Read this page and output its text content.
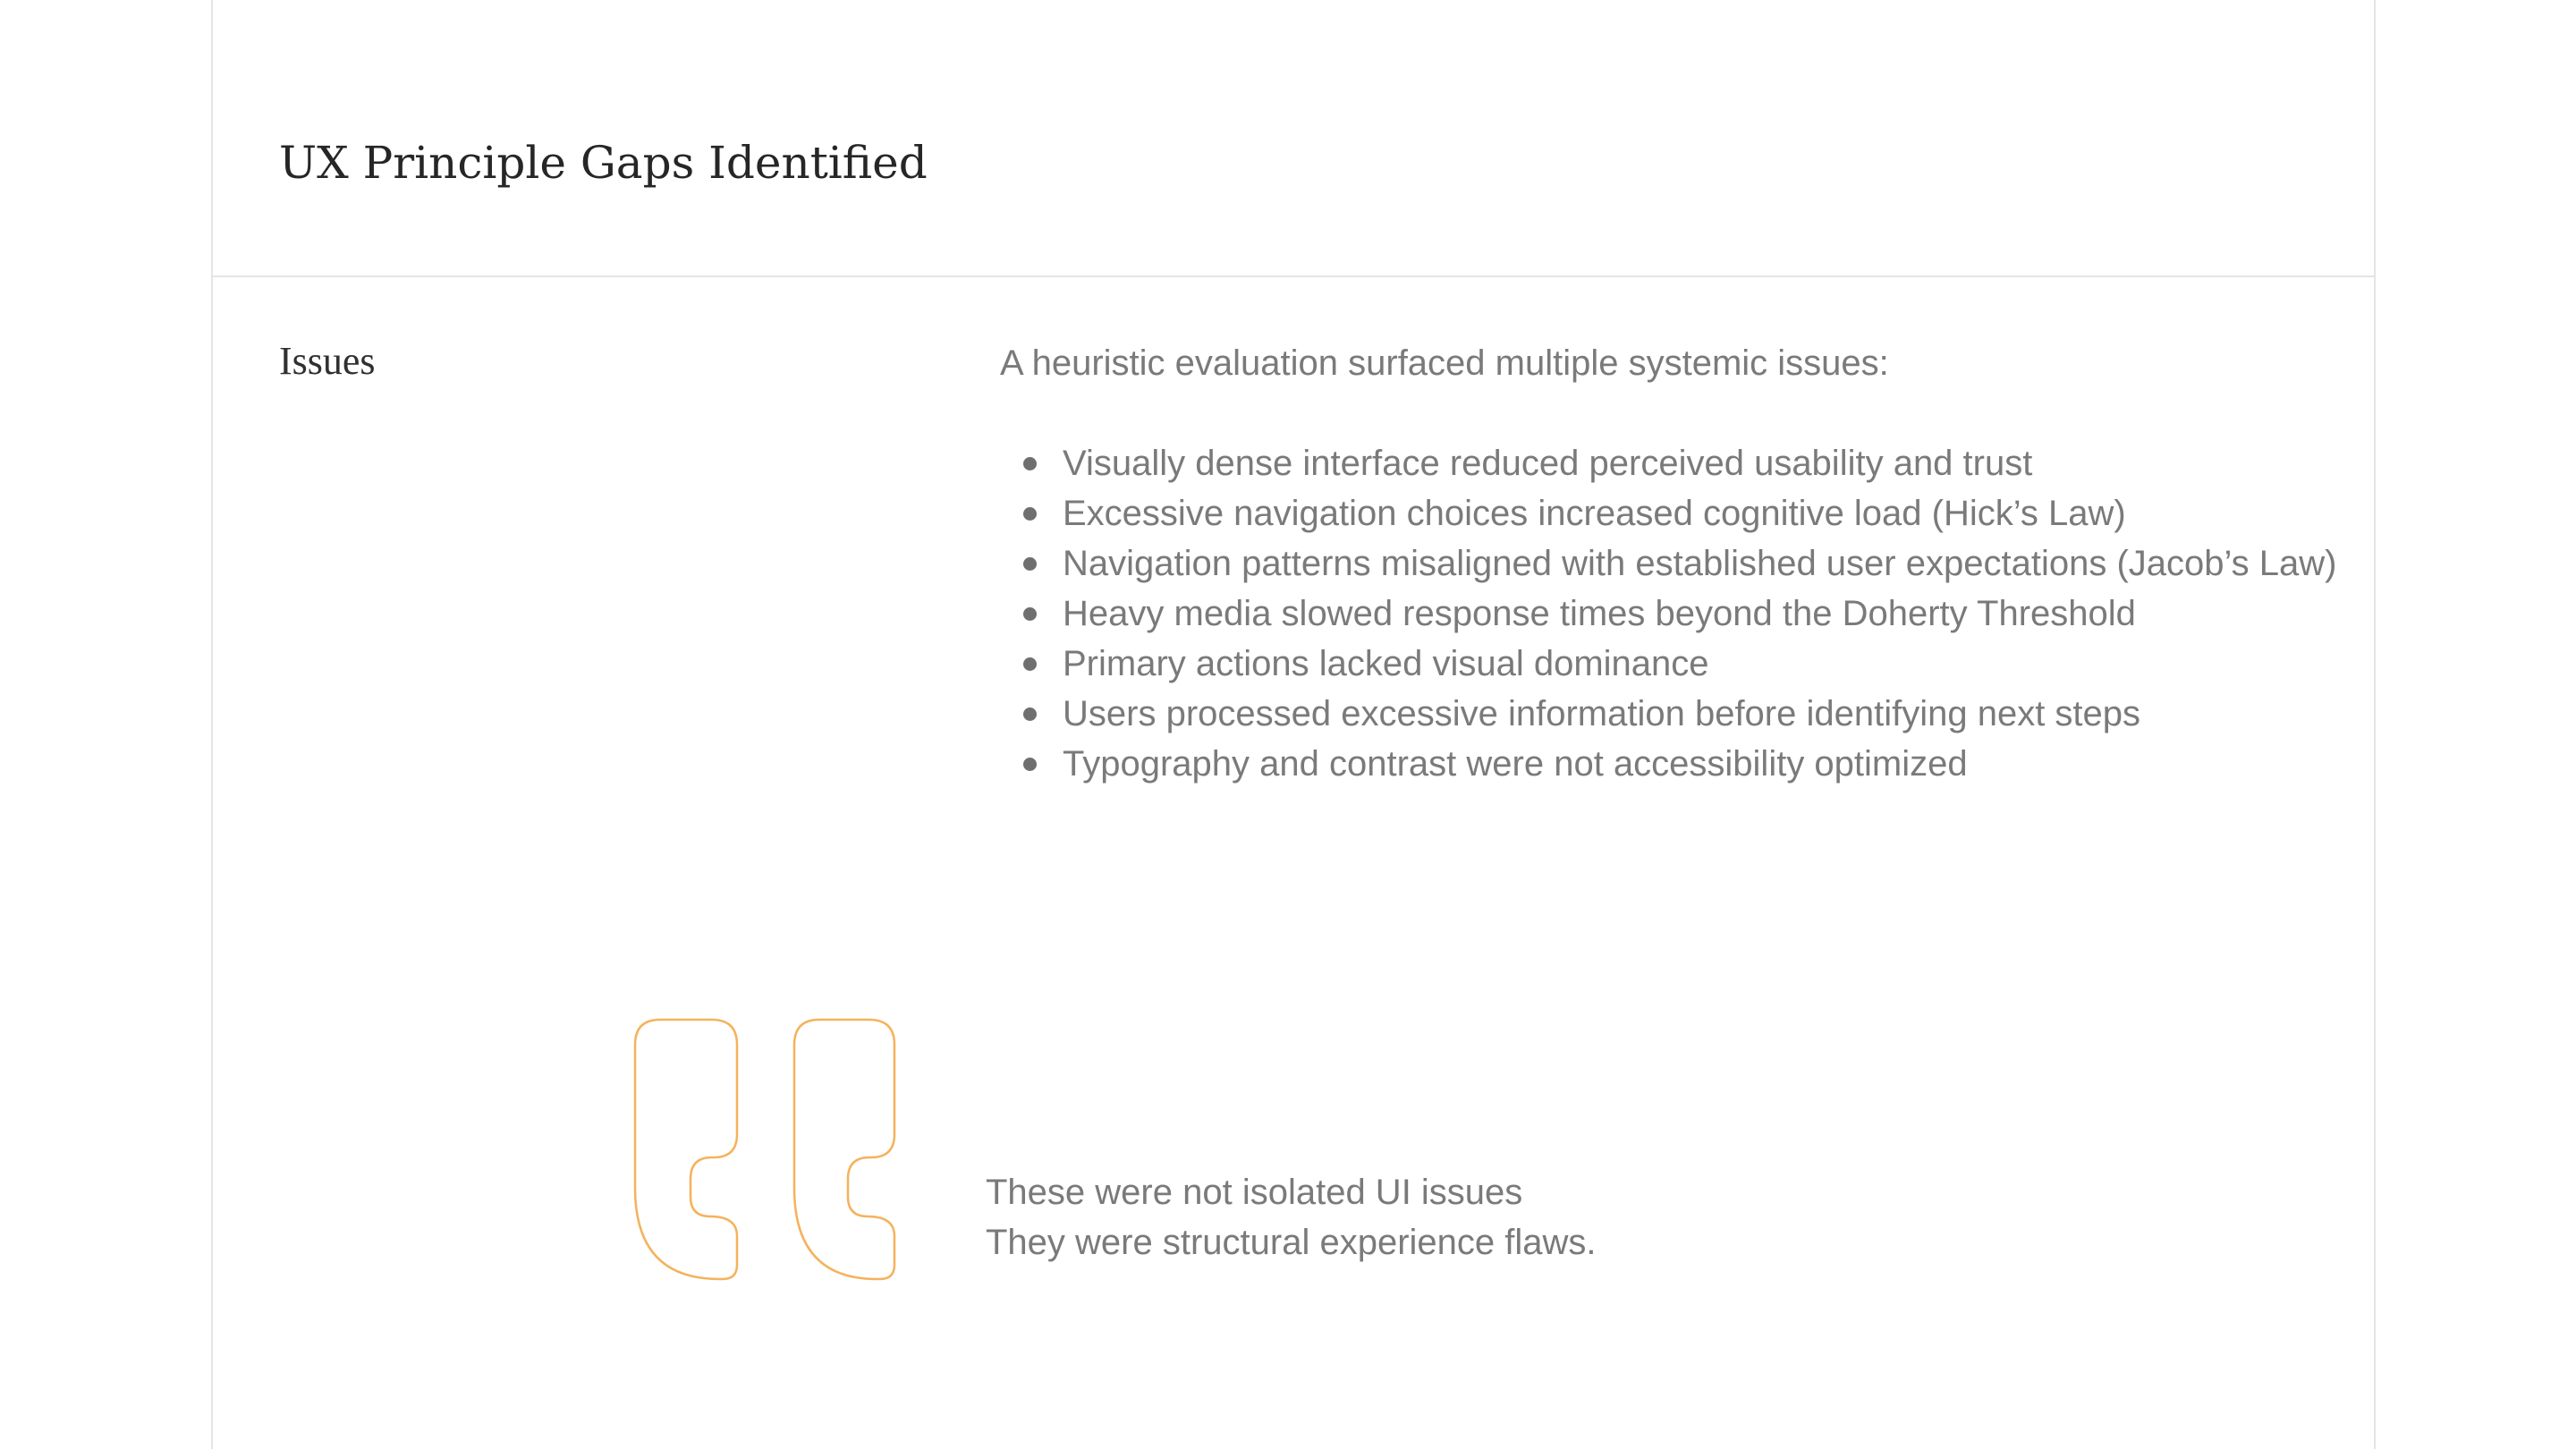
UX Principle Gaps Identified
Issues	A heuristic evaluation surfaced multiple systemic issues:

Visually dense interface reduced perceived usability and trust
Excessive navigation choices increased cognitive load (Hick’s Law)
Navigation patterns misaligned with established user expectations (Jacob’s Law)
Heavy media slowed response times beyond the Doherty Threshold
Primary actions lacked visual dominance
Users processed excessive information before identifying next steps
Typography and contrast were not accessibility optimized
These were not isolated UI issues
They were structural experience flaws.
